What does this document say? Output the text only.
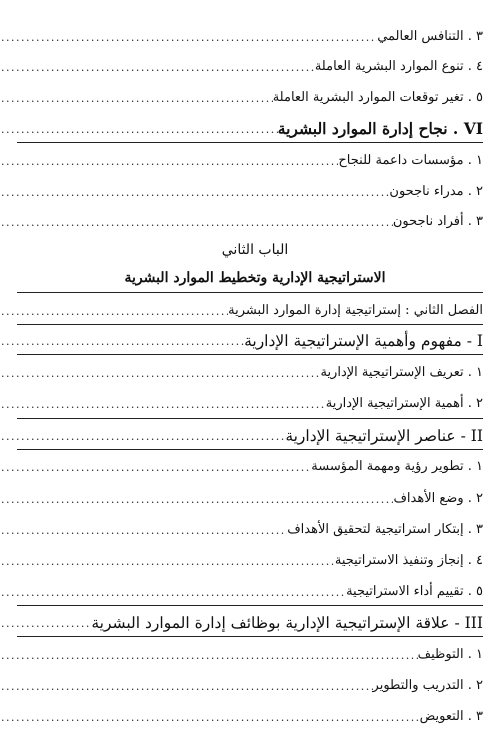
٣ . التنافس العالمي
.....
٤ . تنوع الموارد البشرية العاملة
.....
٥ . تغير توقعات الموارد البشرية العاملة
.....
VI . نجاح إدارة الموارد البشرية
.....
١ . مؤسسات داعمة للنجاح
.....
٢ . مدراء ناجحون
.....
٣ . أفراد ناجحون
.....
الباب الثاني
الاستراتيجية الإدارية وتخطيط الموارد البشرية
الفصل الثاني : إستراتيجية إدارة الموارد البشرية
.....
I - مفهوم وأهمية الإستراتيجية الإدارية
.....
١ . تعريف الإستراتيجية الإدارية
.....
٢ . أهمية الإستراتيجية الإدارية
.....
II - عناصر الإستراتيجية الإدارية
.....
١ . تطوير رؤية ومهمة المؤسسة
.....
٢ . وضع الأهداف
.....
٣ . إبتكار استراتيجية لتحقيق الأهداف
.....
٤ . إنجاز وتنفيذ الاستراتيجية
.....
٥ . تقييم أداء الاستراتيجية
.....
III - علاقة الإستراتيجية الإدارية بوظائف إدارة الموارد البشرية
.....
١ . التوظيف
.....
٢ . التدريب والتطوير
.....
٣ . التعويض
.....
